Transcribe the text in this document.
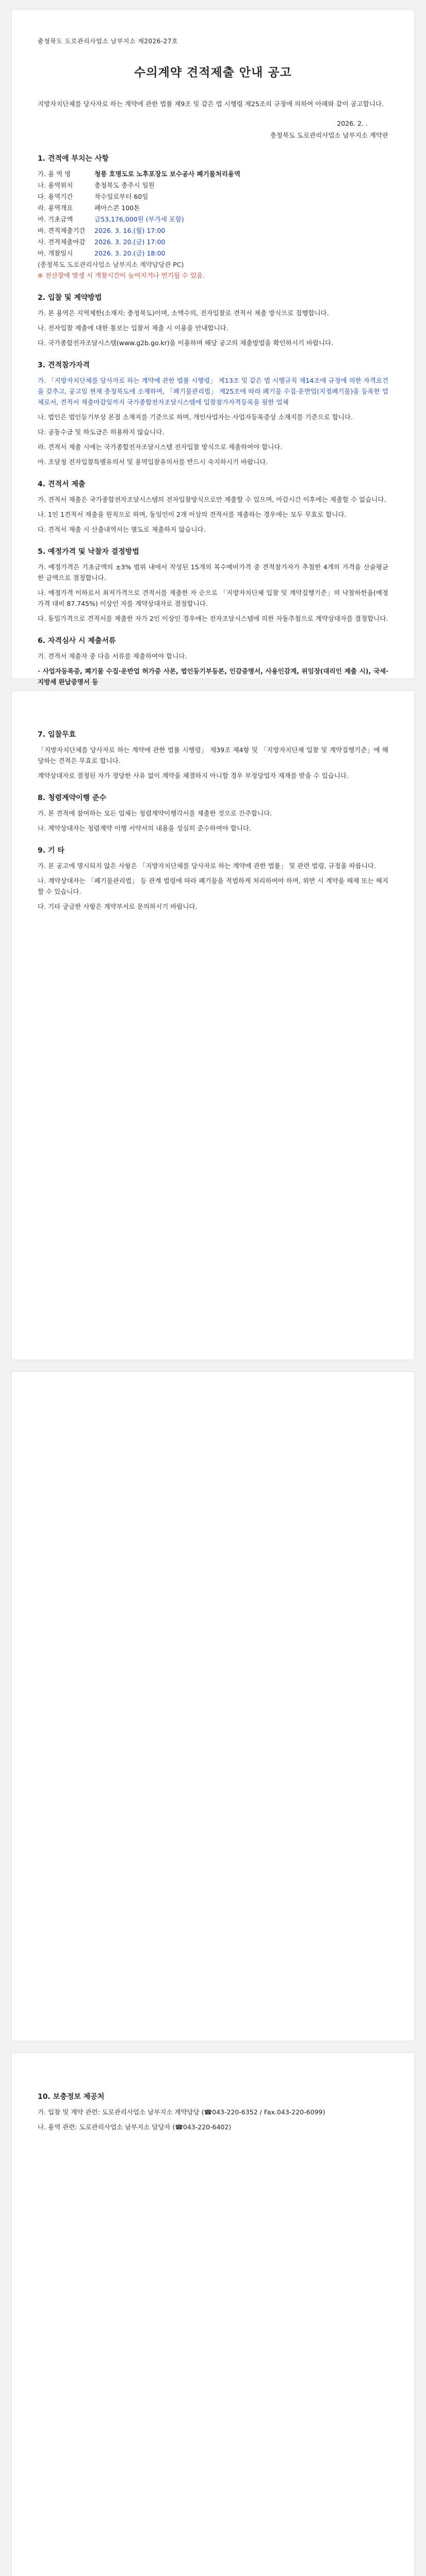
충청북도 도로관리사업소 남부지소 제2026-27호
수의계약 견적제출 안내 공고
지방자치단체를 당사자로 하는 계약에 관한 법률 제9조 및 같은 법 시행령 제25조의 규정에 의하여 아래와 같이 공고합니다.
2026. 2. .
충청북도 도로관리사업소 남부지소 계약관
1. 견적에 부치는 사항
가. 용 역 명	청풍 호명도로 노후포장도 보수공사 폐기물처리용역
나. 용역위치	충청북도 충주시 일원
다. 용역기간	착수일로부터 60일
라. 용역개요	폐아스콘 100톤
마. 기초금액	금53,176,000원 (부가세 포함)
바. 견적제출기간 2026. 3. 16.(월) 17:00
사. 견적제출마감 2026. 3. 20.(금) 17:00
아. 개찰일시	2026. 3. 20.(금) 18:00
(충청북도 도로관리사업소 남부지소 계약담당관 PC)
※ 전산장애 발생 시 개찰시간이 늦어지거나 연기될 수 있음.
2. 입찰 및 계약방법
가. 본 용역은 지역제한(소재지: 충청북도)이며, 소액수의, 전자입찰로 견적서 제출 방식으로 집행합니다.
나. 전자입찰 제출에 대한 통보는 입찰서 제출 시 이용을 안내합니다.
다. 국가종합전자조달시스템(www.g2b.go.kr)을 이용하며 해당 공고의 제출방법을 확인하시기 바랍니다.
3. 견적참가자격
가. 「지방자치단체를 당사자로 하는 계약에 관한 법률 시행령」 제13조 및 같은 법 시행규칙 제14조에 규정에 의한 자격요건을 갖추고, 공고일 현재 충청북도에 소재하며, 「폐기물관리법」 제25조에 따라 폐기물 수집·운반업(지정폐기물)을 등록한 업체로서, 견적서 제출마감일까지 국가종합전자조달시스템에 입찰참가자격등록을 필한 업체
나. 법인은 법인등기부상 본점 소재지를 기준으로 하며, 개인사업자는 사업자등록증상 소재지를 기준으로 합니다.
다. 공동수급 및 하도급은 허용하지 않습니다.
라. 견적서 제출 시에는 국가종합전자조달시스템 전자입찰 방식으로 제출하여야 합니다.
마. 조달청 전자입찰특별유의서 및 용역입찰유의서를 반드시 숙지하시기 바랍니다.
4. 견적서 제출
가. 견적서 제출은 국가종합전자조달시스템의 전자입찰방식으로만 제출할 수 있으며, 마감시간 이후에는 제출할 수 없습니다.
나. 1인 1견적서 제출을 원칙으로 하며, 동일인이 2개 이상의 견적서를 제출하는 경우에는 모두 무효로 합니다.
다. 견적서 제출 시 산출내역서는 별도로 제출하지 않습니다.
5. 예정가격 및 낙찰자 결정방법
가. 예정가격은 기초금액의 ±3% 범위 내에서 작성된 15개의 복수예비가격 중 견적참가자가 추첨한 4개의 가격을 산술평균한 금액으로 결정합니다.
나. 예정가격 이하로서 최저가격으로 견적서를 제출한 자 순으로 「지방자치단체 입찰 및 계약집행기준」의 낙찰하한율(예정가격 대비 87.745%) 이상인 자를 계약상대자로 결정합니다.
다. 동일가격으로 견적서를 제출한 자가 2인 이상인 경우에는 전자조달시스템에 의한 자동추첨으로 계약상대자를 결정합니다.
6. 자격심사 시 제출서류
가. 견적서 제출자 중 다음 서류를 제출하여야 합니다.
· 사업자등록증, 폐기물 수집·운반업 허가증 사본, 법인등기부등본, 인감증명서, 사용인감계, 위임장(대리인 제출 시), 국세·지방세 완납증명서 등
7. 입찰무효
「지방자치단체를 당사자로 하는 계약에 관한 법률 시행령」 제39조 제4항 및 「지방자치단체 입찰 및 계약집행기준」에 해당하는 견적은 무효로 합니다.
계약상대자로 결정된 자가 정당한 사유 없이 계약을 체결하지 아니할 경우 부정당업자 제재를 받을 수 있습니다.
8. 청렴계약이행 준수
가. 본 견적에 참여하는 모든 업체는 청렴계약이행각서를 제출한 것으로 간주합니다.
나. 계약상대자는 청렴계약 이행 서약서의 내용을 성실히 준수하여야 합니다.
9. 기 타
가. 본 공고에 명시되지 않은 사항은 「지방자치단체를 당사자로 하는 계약에 관한 법률」 및 관련 법령, 규정을 따릅니다.
나. 계약상대자는 「폐기물관리법」 등 관계 법령에 따라 폐기물을 적법하게 처리하여야 하며, 위반 시 계약을 해제 또는 해지할 수 있습니다.
다. 기타 궁금한 사항은 계약부서로 문의하시기 바랍니다.
10. 보충정보 제공처
가. 입찰 및 계약 관련: 도로관리사업소 남부지소 계약담당 (☎043-220-6352 / Fax.043-220-6099)
나. 용역 관련: 도로관리사업소 남부지소 담당자 (☎043-220-6402)
